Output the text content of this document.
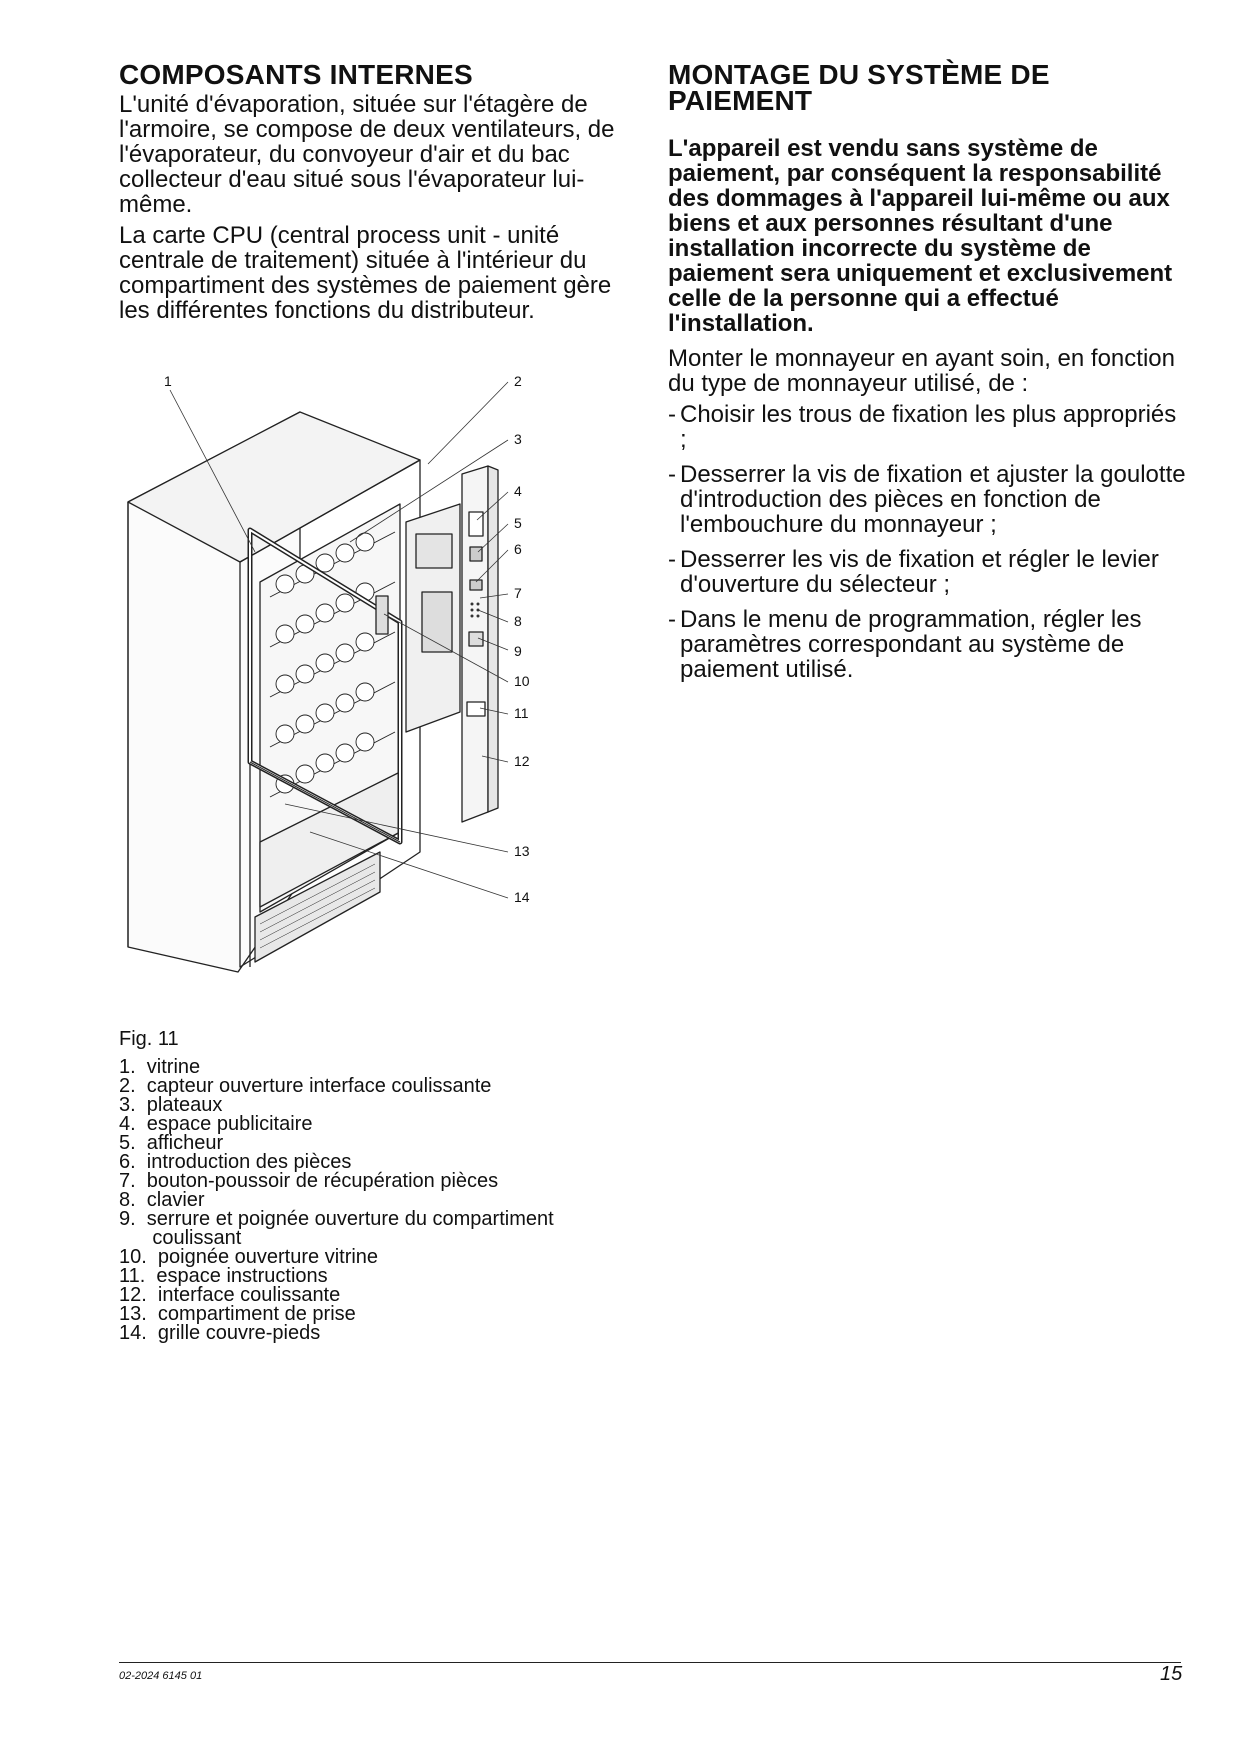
COMPOSANTS INTERNES

L'unité d'évaporation, située sur l'étagère de l'armoire, se compose de deux ventilateurs, de l'évaporateur, du convoyeur d'air et du bac collecteur d'eau situé sous l'évaporateur lui-même.

La carte CPU (central process unit - unité centrale de traitement) située à l'intérieur du compartiment des systèmes de paiement gère les différentes fonctions du distributeur.

MONTAGE DU SYSTÈME DE
PAIEMENT

L'appareil est vendu sans système de paiement, par conséquent la responsabilité des dommages à l'appareil lui-même ou aux biens et aux personnes résultant d'une installation incorrecte du système de paiement sera uniquement et exclusivement celle de la personne qui a effectué l'installation.

Monter le monnayeur en ayant soin, en fonction du type de monnayeur utilisé, de :

- Choisir les trous de fixation les plus appropriés ;
- Desserrer la vis de fixation et ajuster la goulotte d'introduction des pièces en fonction de l'embouchure du monnayeur ;
- Desserrer les vis de fixation et régler le levier d'ouverture du sélecteur ;
- Dans le menu de programmation, régler les paramètres correspondant au système de paiement utilisé.
1	2
3
4
5
6
7
8
9
10
11
12
13
14
Fig. 11
1.  vitrine
2.  capteur ouverture interface coulissante
3.  plateaux
4.  espace publicitaire
5.  afficheur
6.  introduction des pièces
7.  bouton-poussoir de récupération pièces
8.  clavier
9.  serrure et poignée ouverture du compartiment
coulissant
10.  poignée ouverture vitrine
11.  espace instructions
12.  interface coulissante
13.  compartiment de prise
14.  grille couvre-pieds
02-2024 6145 01	15
